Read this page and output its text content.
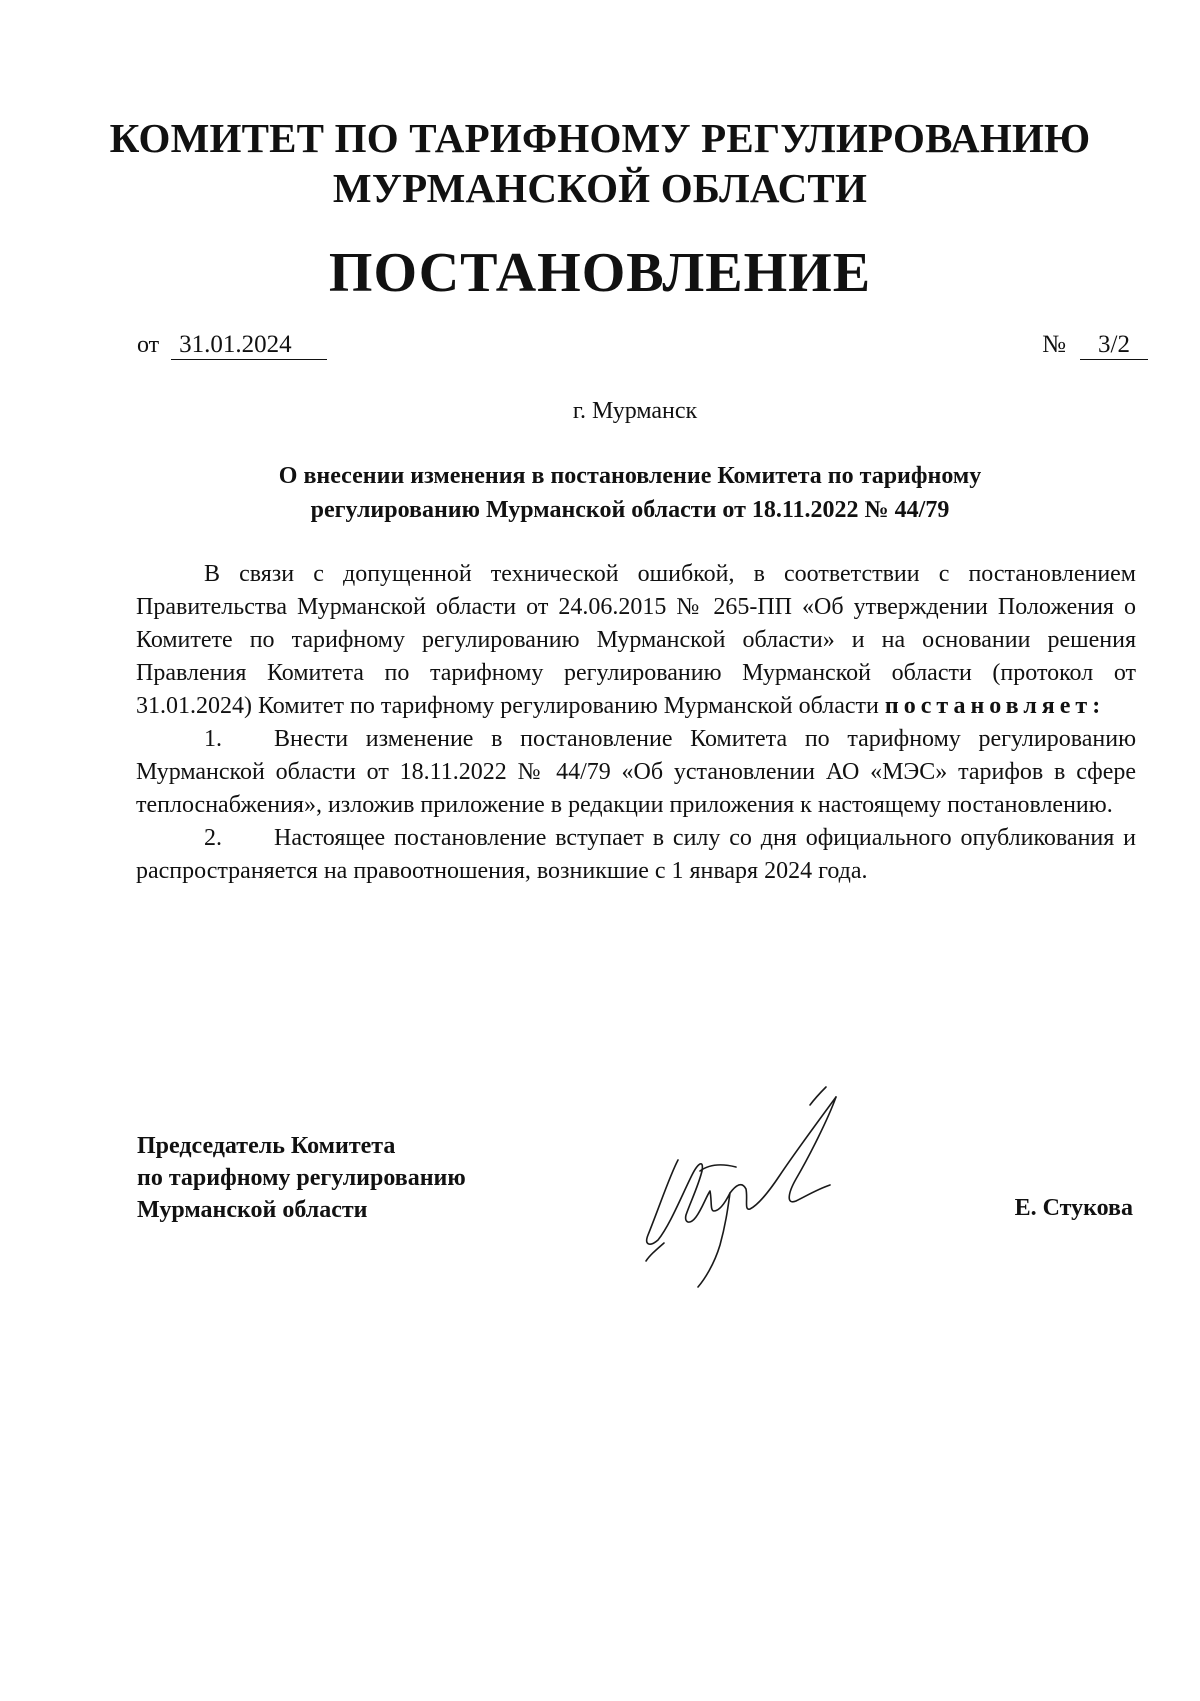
КОМИТЕТ ПО ТАРИФНОМУ РЕГУЛИРОВАНИЮ
МУРМАНСКОЙ ОБЛАСТИ
ПОСТАНОВЛЕНИЕ
от 31.01.2024	№	3/2
г. Мурманск
О внесении изменения в постановление Комитета по тарифному
регулированию Мурманской области от 18.11.2022 № 44/79

В связи с допущенной технической ошибкой, в соответствии с постановлением Правительства Мурманской области от 24.06.2015 № 265-ПП «Об утверждении Положения о Комитете по тарифному регулированию Мурманской области» и на основании решения Правления Комитета по тарифному регулированию Мурманской области (протокол от 31.01.2024) Комитет по тарифному регулированию Мурманской области постановляет:

1. Внести изменение в постановление Комитета по тарифному регулированию Мурманской области от 18.11.2022 № 44/79 «Об установлении АО «МЭС» тарифов в сфере теплоснабжения», изложив приложение в редакции приложения к настоящему постановлению.

2. Настоящее постановление вступает в силу со дня официального опубликования и распространяется на правоотношения, возникшие с 1 января 2024 года.

Председатель Комитета
по тарифному регулированию
Мурманской области	Е. Стукова
